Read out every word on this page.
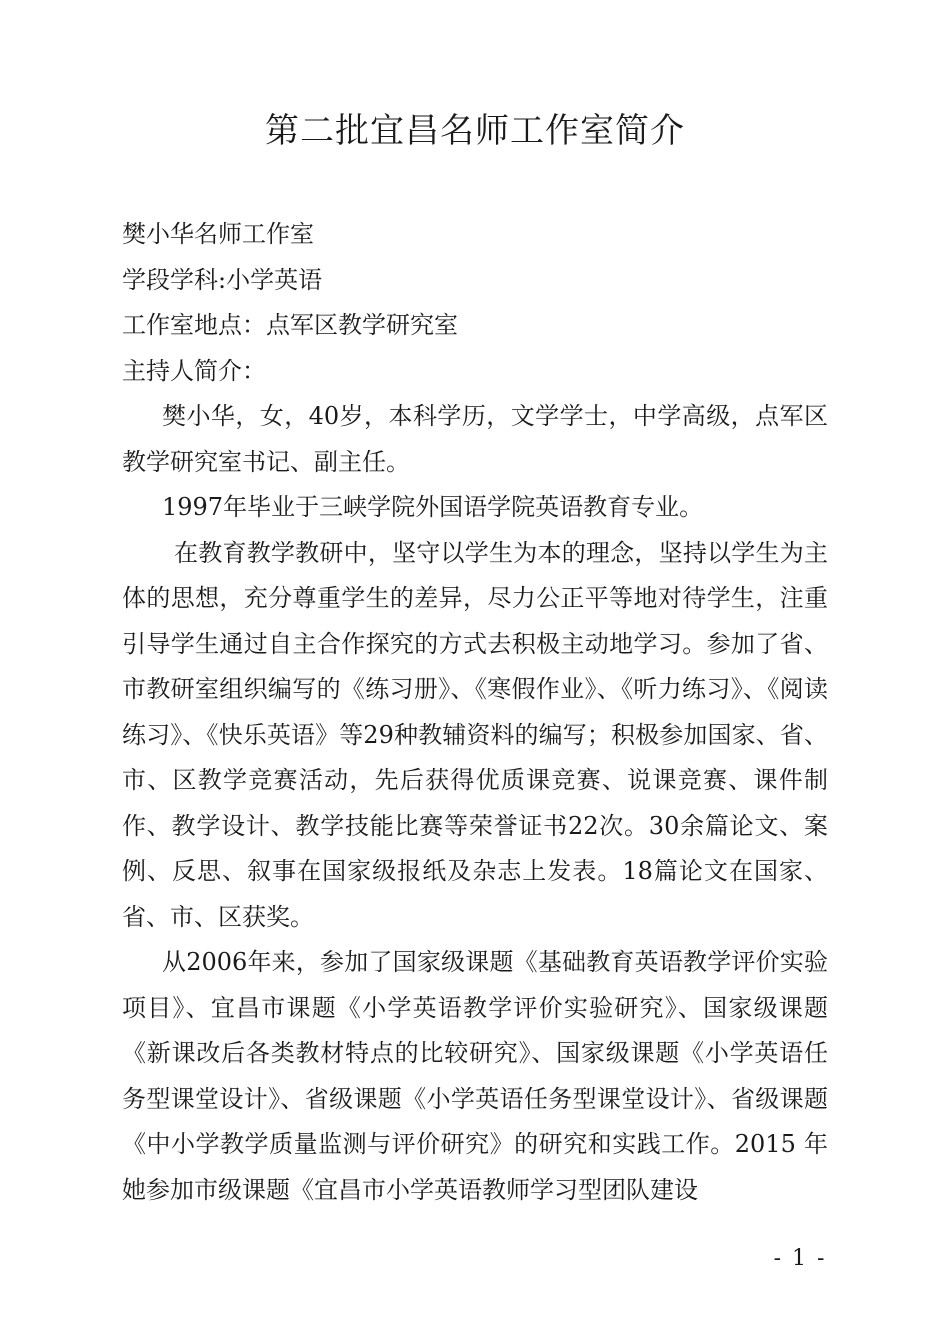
第二批宜昌名师工作室简介

樊小华名师工作室

学段学科:小学英语

工作室地点：点军区教学研究室

主持人简介：

樊小华，女，40岁，本科学历，文学学士，中学高级，点军区教学研究室书记、副主任。

1997年毕业于三峡学院外国语学院英语教育专业。

在教育教学教研中，坚守以学生为本的理念，坚持以学生为主体的思想，充分尊重学生的差异，尽力公正平等地对待学生，注重引导学生通过自主合作探究的方式去积极主动地学习。参加了省、市教研室组织编写的《练习册》、《寒假作业》、《听力练习》、《阅读练习》、《快乐英语》等29种教辅资料的编写；积极参加国家、省、市、区教学竞赛活动，先后获得优质课竞赛、说课竞赛、课件制作、教学设计、教学技能比赛等荣誉证书22次。30余篇论文、案例、反思、叙事在国家级报纸及杂志上发表。18篇论文在国家、省、市、区获奖。

从2006年来，参加了国家级课题《基础教育英语教学评价实验项目》、宜昌市课题《小学英语教学评价实验研究》、国家级课题《新课改后各类教材特点的比较研究》、国家级课题《小学英语任务型课堂设计》、省级课题《小学英语任务型课堂设计》、省级课题《中小学教学质量监测与评价研究》的研究和实践工作。2015 年她参加市级课题《宜昌市小学英语教师学习型团队建设

- 1 -
